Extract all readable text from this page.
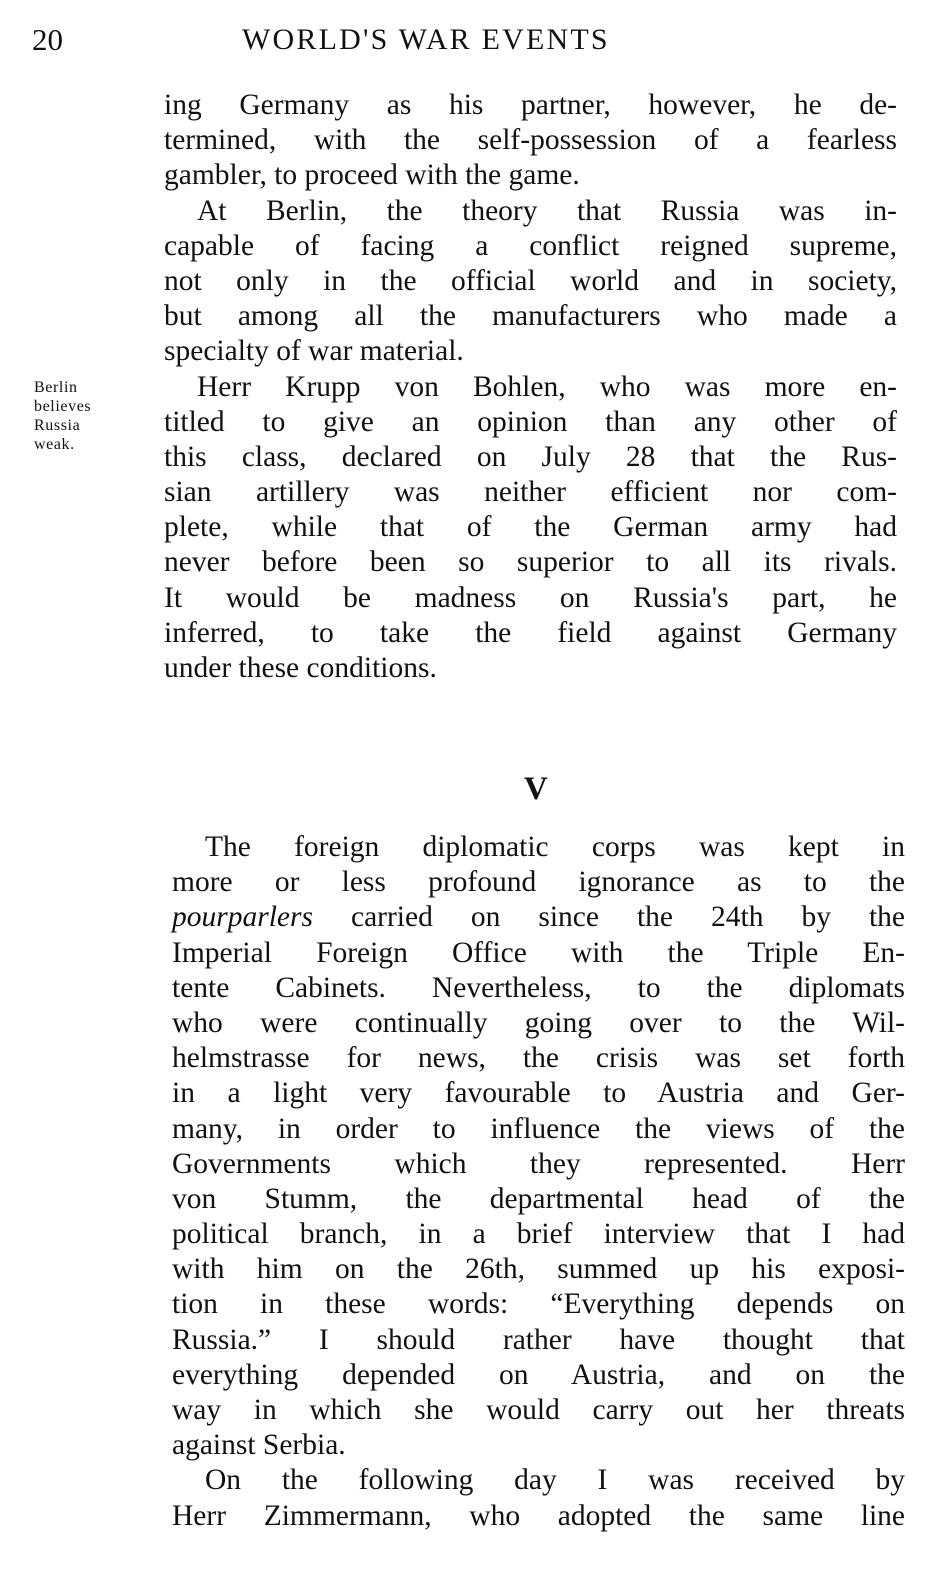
20	WORLD'S WAR EVENTS
Berlin
believes
Russia
weak.
ing Germany as his partner, however, he de-
termined, with the self-possession of a fearless
gambler, to proceed with the game.
At Berlin, the theory that Russia was in-
capable of facing a conflict reigned supreme,
not only in the official world and in society,
but among all the manufacturers who made a
specialty of war material.
Herr Krupp von Bohlen, who was more en-
titled to give an opinion than any other of
this class, declared on July 28 that the Rus-
sian artillery was neither efficient nor com-
plete, while that of the German army had
never before been so superior to all its rivals.
It would be madness on Russia's part, he
inferred, to take the field against Germany
under these conditions.
V
The foreign diplomatic corps was kept in
more or less profound ignorance as to the
pourparlers carried on since the 24th by the
Imperial Foreign Office with the Triple En-
tente Cabinets. Nevertheless, to the diplomats
who were continually going over to the Wil-
helmstrasse for news, the crisis was set forth
in a light very favourable to Austria and Ger-
many, in order to influence the views of the
Governments which they represented. Herr
von Stumm, the departmental head of the
political branch, in a brief interview that I had
with him on the 26th, summed up his exposi-
tion in these words: “Everything depends on
Russia.” I should rather have thought that
everything depended on Austria, and on the
way in which she would carry out her threats
against Serbia.
On the following day I was received by
Herr Zimmermann, who adopted the same line
